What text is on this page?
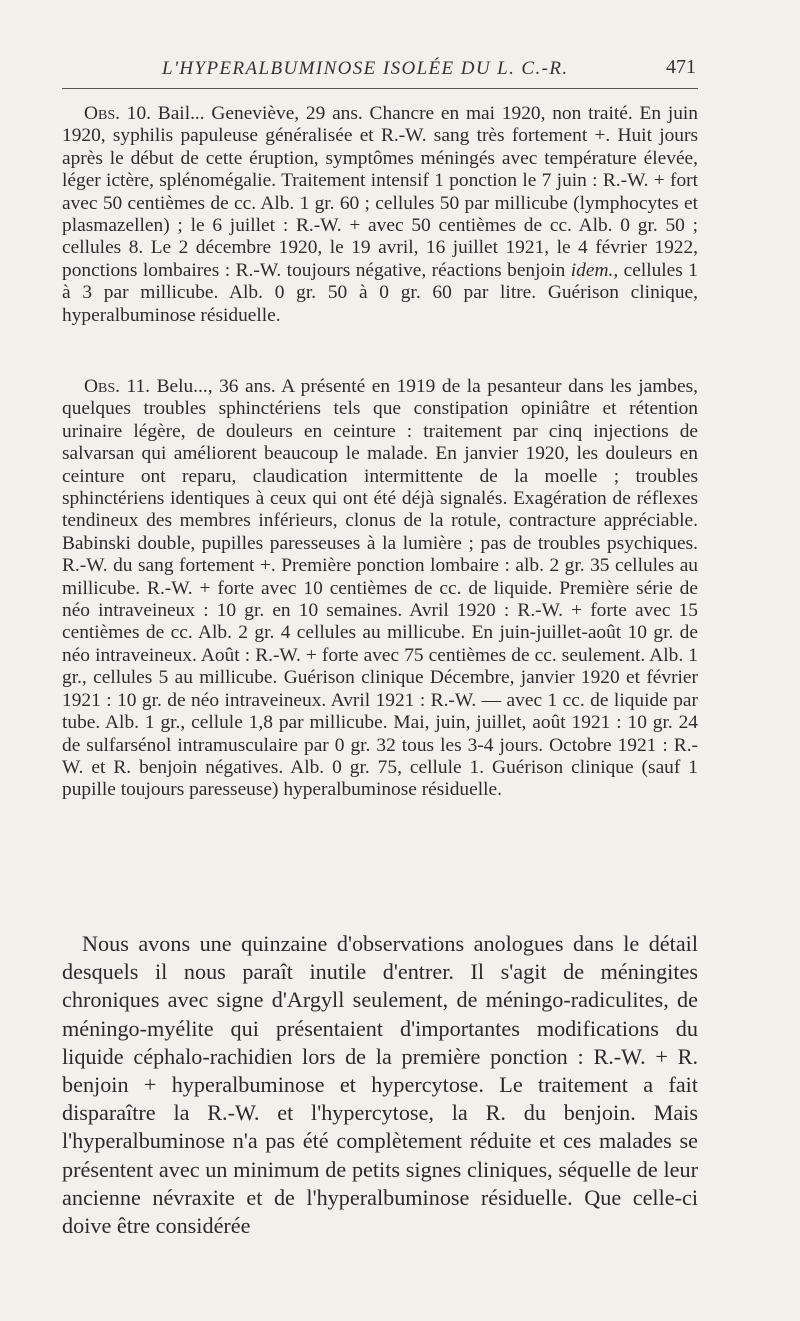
L'HYPERALBUMINOSE ISOLÉE DU L. C.-R.	471

Obs. 10. Bail... Geneviève, 29 ans. Chancre en mai 1920, non traité. En juin 1920, syphilis papuleuse généralisée et R.-W. sang très fortement +. Huit jours après le début de cette éruption, symptômes méningés avec température élevée, léger ictère, splénomégalie. Traitement intensif 1 ponction le 7 juin : R.-W. + fort avec 50 centièmes de cc. Alb. 1 gr. 60 ; cellules 50 par millicube (lymphocytes et plasmazellen) ; le 6 juillet : R.-W. + avec 50 centièmes de cc. Alb. 0 gr. 50 ; cellules 8. Le 2 décembre 1920, le 19 avril, 16 juillet 1921, le 4 février 1922, ponctions lombaires : R.-W. toujours négative, réactions benjoin idem., cellules 1 à 3 par millicube. Alb. 0 gr. 50 à 0 gr. 60 par litre. Guérison clinique, hyperalbuminose résiduelle.

Obs. 11. Belu..., 36 ans. A présenté en 1919 de la pesanteur dans les jambes, quelques troubles sphinctériens tels que constipation opiniâtre et rétention urinaire légère, de douleurs en ceinture : traitement par cinq injections de salvarsan qui améliorent beaucoup le malade. En janvier 1920, les douleurs en ceinture ont reparu, claudication intermittente de la moelle ; troubles sphinctériens identiques à ceux qui ont été déjà signalés. Exagération de réflexes tendineux des membres inférieurs, clonus de la rotule, contracture appréciable. Babinski double, pupilles paresseuses à la lumière ; pas de troubles psychiques. R.-W. du sang fortement +. Première ponction lombaire : alb. 2 gr. 35 cellules au millicube. R.-W. + forte avec 10 centièmes de cc. de liquide. Première série de néo intraveineux : 10 gr. en 10 semaines. Avril 1920 : R.-W. + forte avec 15 centièmes de cc. Alb. 2 gr. 4 cellules au millicube. En juin-juillet-août 10 gr. de néo intraveineux. Août : R.-W. + forte avec 75 centièmes de cc. seulement. Alb. 1 gr., cellules 5 au millicube. Guérison clinique Décembre, janvier 1920 et février 1921 : 10 gr. de néo intraveineux. Avril 1921 : R.-W. — avec 1 cc. de liquide par tube. Alb. 1 gr., cellule 1,8 par millicube. Mai, juin, juillet, août 1921 : 10 gr. 24 de sulfarsénol intramusculaire par 0 gr. 32 tous les 3-4 jours. Octobre 1921 : R.-W. et R. benjoin négatives. Alb. 0 gr. 75, cellule 1. Guérison clinique (sauf 1 pupille toujours paresseuse) hyperalbuminose résiduelle.

Nous avons une quinzaine d'observations anologues dans le détail desquels il nous paraît inutile d'entrer. Il s'agit de méningites chroniques avec signe d'Argyll seulement, de méningo-radiculites, de méningo-myélite qui présentaient d'importantes modifications du liquide céphalo-rachidien lors de la première ponction : R.-W. + R. benjoin + hyperalbuminose et hypercytose. Le traitement a fait disparaître la R.-W. et l'hypercytose, la R. du benjoin. Mais l'hyperalbuminose n'a pas été complètement réduite et ces malades se présentent avec un minimum de petits signes cliniques, séquelle de leur ancienne névraxite et de l'hyperalbuminose résiduelle. Que celle-ci doive être considérée
